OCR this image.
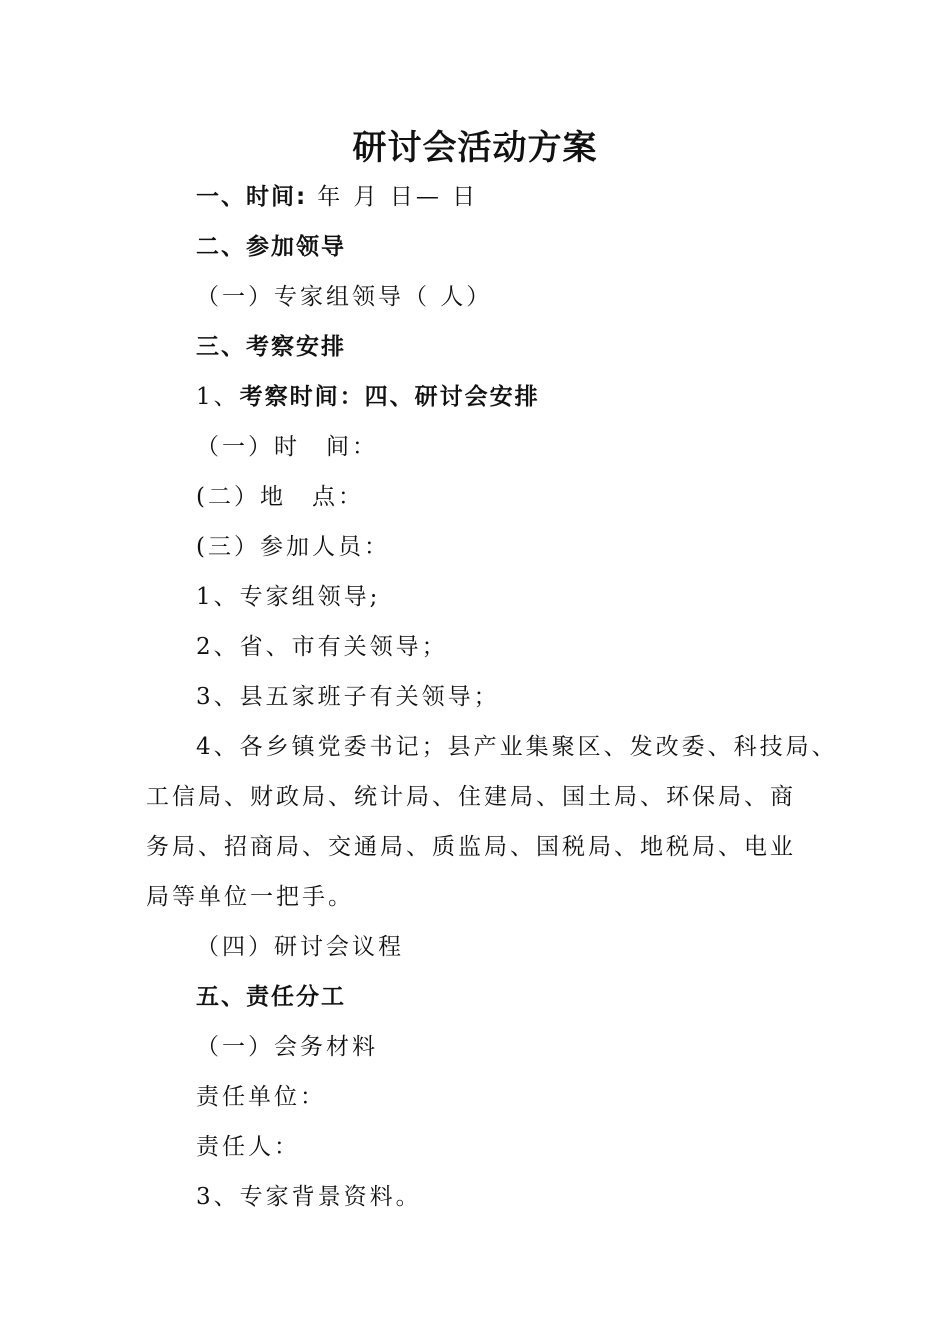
研讨会活动方案
一、时间: 年 月 日— 日
二、参加领导
（一）专家组领导（ 人）
三、考察安排
1、考察时间：四、研讨会安排
（一）时　间：
(二）地　点：
(三）参加人员：
1、专家组领导;
2、省、市有关领导；
3、县五家班子有关领导；
4、各乡镇党委书记；县产业集聚区、发改委、科技局、
工信局、财政局、统计局、住建局、国土局、环保局、商
务局、招商局、交通局、质监局、国税局、地税局、电业
局等单位一把手。
（四）研讨会议程
五、责任分工
（一）会务材料
责任单位：
责任人：
3、专家背景资料。
